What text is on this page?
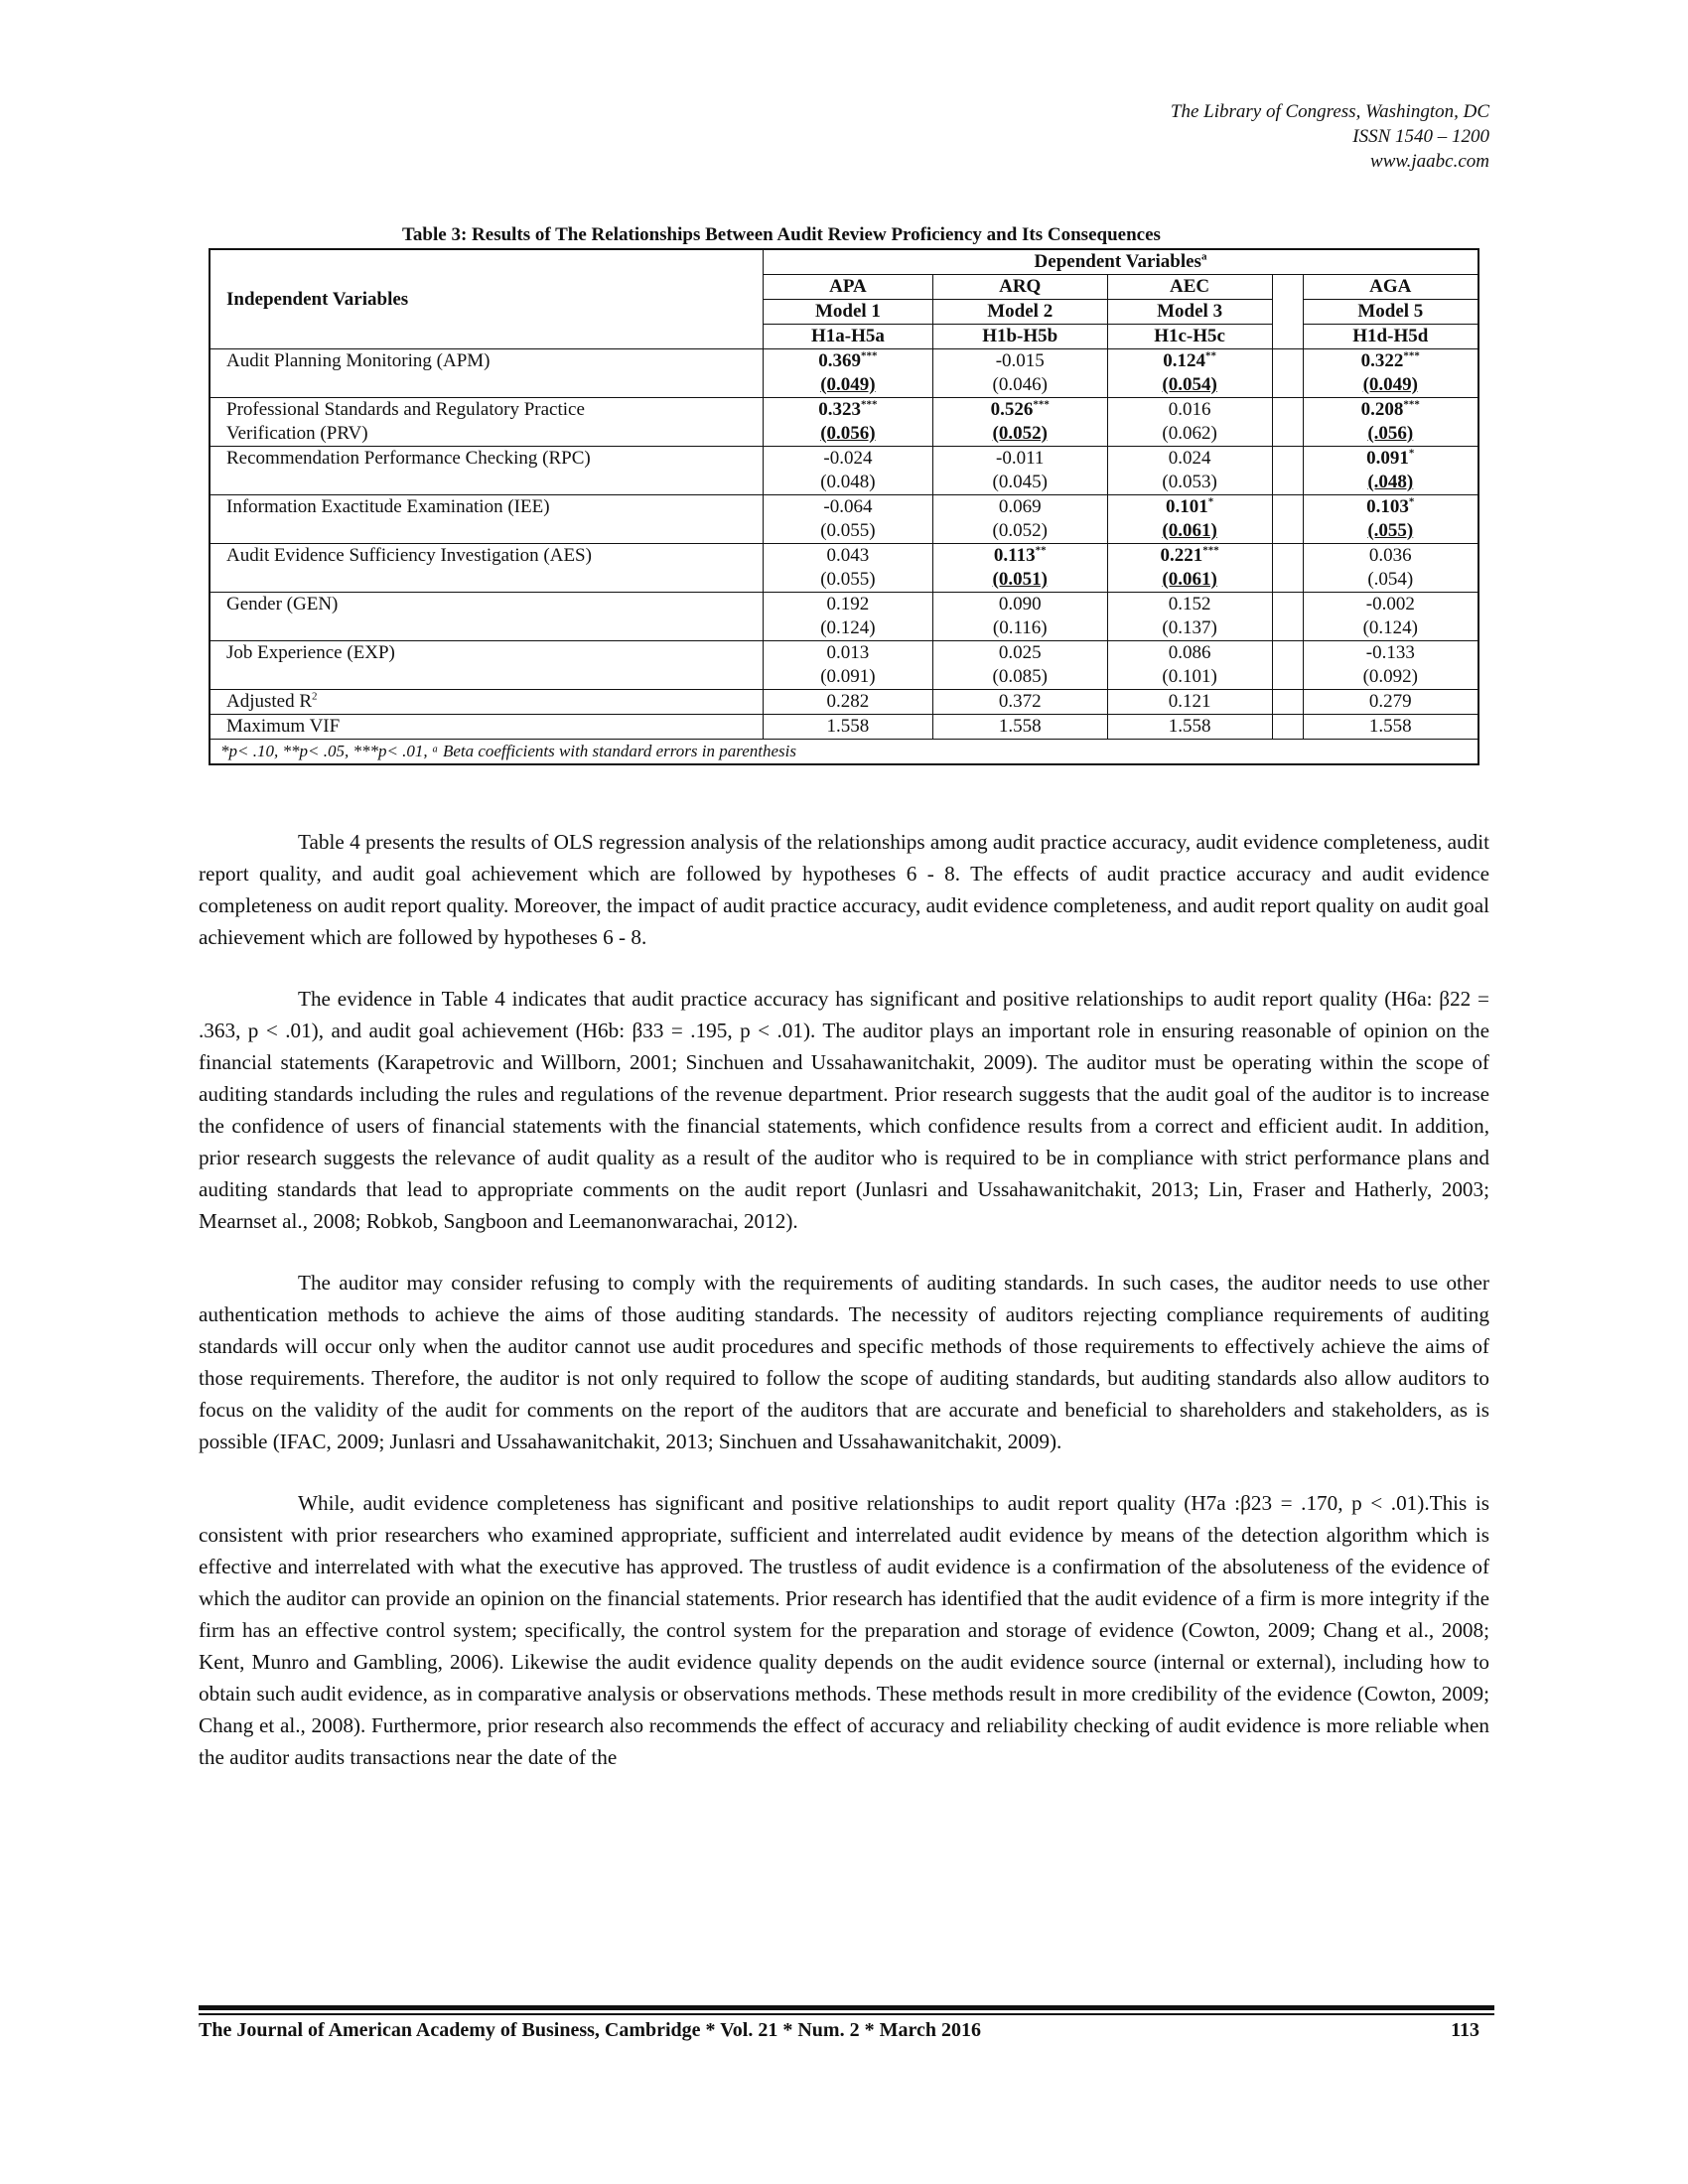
The Library of Congress, Washington, DC
ISSN 1540 – 1200
www.jaabc.com
Table 3: Results of The Relationships Between Audit Review Proficiency and Its Consequences
Independent Variables	Dependent Variables$^a$
	APA	ARQ	AEC		AGA
	Model 1	Model 2	Model 3		Model 5
	H1a-H5a	H1b-H5b	H1c-H5c		H1d-H5d

Audit Planning Monitoring (APM)	0.369***	-0.015	0.124**		0.322***
	(0.049)	(0.046)	(0.054)		(0.049)

Professional Standards and Regulatory Practice
Verification (PRV)	0.323***	0.526***	0.016		0.208***
	(0.056)	(0.052)	(0.062)		(.056)

Recommendation Performance Checking (RPC)	-0.024	-0.011	0.024		0.091*
	(0.048)	(0.045)	(0.053)		(.048)

Information Exactitude Examination (IEE)	-0.064	0.069	0.101*		0.103*
	(0.055)	(0.052)	(0.061)		(.055)

Audit Evidence Sufficiency Investigation (AES)	0.043	0.113**	0.221***		0.036
	(0.055)	(0.051)	(0.061)		(.054)

Gender (GEN)	0.192	0.090	0.152		-0.002
	(0.124)	(0.116)	(0.137)		(0.124)

Job Experience (EXP)	0.013	0.025	0.086		-0.133
	(0.091)	(0.085)	(0.101)		(0.092)
Adjusted $R^2$	0.282	0.372	0.121		0.279
Maximum VIF	1.558	1.558	1.558		1.558
*p< .10, **p< .05, ***p< .01, ᵃ Beta coefficients with standard errors in parenthesis					

Table 4 presents the results of OLS regression analysis of the relationships among audit practice accuracy, audit evidence completeness, audit report quality, and audit goal achievement which are followed by hypotheses 6 - 8. The effects of audit practice accuracy and audit evidence completeness on audit report quality. Moreover, the impact of audit practice accuracy, audit evidence completeness, and audit report quality on audit goal achievement which are followed by hypotheses 6 - 8.

The evidence in Table 4 indicates that audit practice accuracy has significant and positive relationships to audit report quality (H6a: β22 = .363, p < .01), and audit goal achievement (H6b: β33 = .195, p < .01). The auditor plays an important role in ensuring reasonable of opinion on the financial statements (Karapetrovic and Willborn, 2001; Sinchuen and Ussahawanitchakit, 2009). The auditor must be operating within the scope of auditing standards including the rules and regulations of the revenue department. Prior research suggests that the audit goal of the auditor is to increase the confidence of users of financial statements with the financial statements, which confidence results from a correct and efficient audit. In addition, prior research suggests the relevance of audit quality as a result of the auditor who is required to be in compliance with strict performance plans and auditing standards that lead to appropriate comments on the audit report (Junlasri and Ussahawanitchakit, 2013; Lin, Fraser and Hatherly, 2003; Mearnset al., 2008; Robkob, Sangboon and Leemanonwarachai, 2012).

The auditor may consider refusing to comply with the requirements of auditing standards. In such cases, the auditor needs to use other authentication methods to achieve the aims of those auditing standards. The necessity of auditors rejecting compliance requirements of auditing standards will occur only when the auditor cannot use audit procedures and specific methods of those requirements to effectively achieve the aims of those requirements. Therefore, the auditor is not only required to follow the scope of auditing standards, but auditing standards also allow auditors to focus on the validity of the audit for comments on the report of the auditors that are accurate and beneficial to shareholders and stakeholders, as is possible (IFAC, 2009; Junlasri and Ussahawanitchakit, 2013; Sinchuen and Ussahawanitchakit, 2009).

While, audit evidence completeness has significant and positive relationships to audit report quality (H7a :β23 = .170, p < .01).This is consistent with prior researchers who examined appropriate, sufficient and interrelated audit evidence by means of the detection algorithm which is effective and interrelated with what the executive has approved. The trustless of audit evidence is a confirmation of the absoluteness of the evidence of which the auditor can provide an opinion on the financial statements. Prior research has identified that the audit evidence of a firm is more integrity if the firm has an effective control system; specifically, the control system for the preparation and storage of evidence (Cowton, 2009; Chang et al., 2008; Kent, Munro and Gambling, 2006). Likewise the audit evidence quality depends on the audit evidence source (internal or external), including how to obtain such audit evidence, as in comparative analysis or observations methods. These methods result in more credibility of the evidence (Cowton, 2009; Chang et al., 2008). Furthermore, prior research also recommends the effect of accuracy and reliability checking of audit evidence is more reliable when the auditor audits transactions near the date of the

The Journal of American Academy of Business, Cambridge * Vol. 21 * Num. 2 * March 2016	113
